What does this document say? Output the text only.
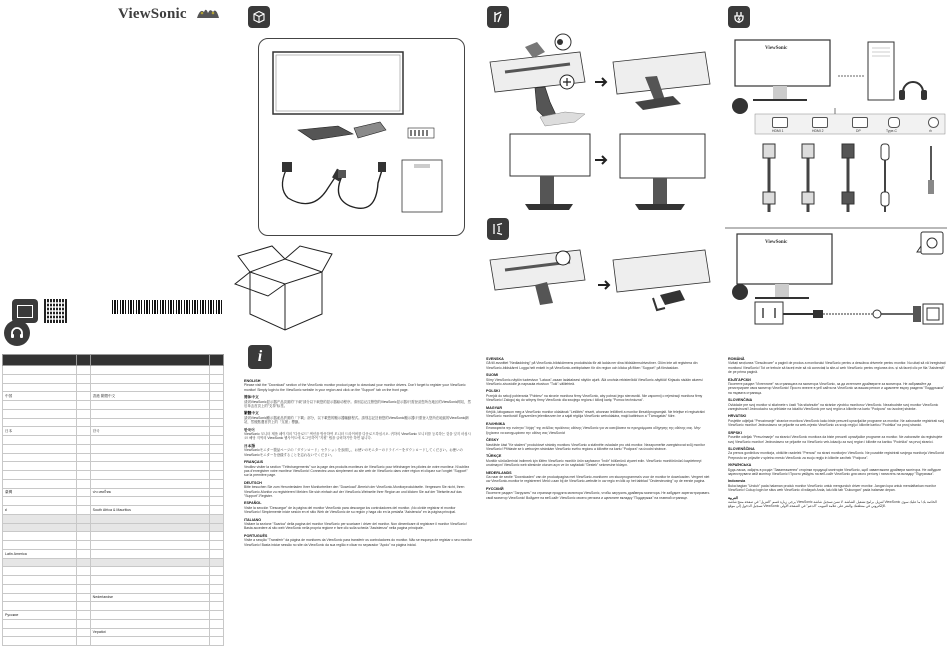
ViewSonic

中国		香港 繁體中文	

日本		한국	

臺灣		ประเทศไทย	

ɪl		South Africa & Mauritius	

Latin America			

		Nederlandse	

Pусские			

		Vepatiot	

i
ViewSonic
HDMI 1	HDMI 2	DP	Type-C	⊖
ViewSonic
ENGLISH

Please visit the "Download" section of the ViewSonic monitor product page to download your monitor drivers. Don't forget to register your ViewSonic monitor! Simply login to the ViewSonic website in your region and click on the "Support" tab on the front page.

简体中文

请到ViewSonic显示器产品页面的"下载"部分以下载您的显示器驱动程序。请别忘记注册您的ViewSonic显示器!只需登录您所在地区的ViewSonic网站，然后单击首页上的"支持"标签。

繁體中文

請到ViewSonic顯示器產品頁面的「下載」部分，以下載您的顯示器驅動程式。請別忘記註冊您的ViewSonic顯示器!只需登入您所在地區的ViewSonic網站，然後點選首頁上的「支援」標籤。

한국어

ViewSonic 모니터 제품 페이지의 "다운로드" 섹션을 방문하여 모니터 드라이버를 다운로드하십시오. 귀하의 ViewSonic 모니터를 등록하는 것을 잊지 마십시오! 해당 지역의 ViewSonic 웹사이트에 로그인하여 "지원" 탭을 클릭하기만 하면 됩니다.

日本語

ViewSonicモニター製品ページの「ダウンロード」セクションを参照し、お使いのモニターのドライバーをダウンロードしてください。お使いのViewSonicモニターを登録することを忘れないでください。

FRANÇAIS

Veuillez visiter la section "Téléchargements" sur la page des produits moniteurs de ViewSonic pour télécharger les pilotes de votre moniteur. N'oubliez pas d'enregistrer votre moniteur ViewSonic! Connectez-vous simplement au site web de ViewSonic dans votre région et cliquez sur l'onglet "Support" sur la première page.

DEUTSCH

Bitte besuchen Sie zum Herunterladen Ihrer Monitortreiber den "Download"-Bereich der ViewSonic-Monitorproduktseite. Vergessen Sie nicht, Ihren ViewSonic-Monitor zu registrieren! Melden Sie sich einfach auf der ViewSonic-Webseite Ihrer Region an und klicken Sie auf der Titelseite auf das "Support"-Register.

ESPAÑOL

Visite la sección "Descargar" de la página del monitor ViewSonic para descargar los controladores del monitor. ¡No olvide registrar el monitor ViewSonic! Simplemente inicie sesión en el sitio Web de ViewSonic de su región y haga clic en la pestaña "Asistencia" en la página principal.

ITALIANO

Visitare la sezione "Scarica" della pagina del monitor ViewSonic per scaricare i driver del monitor. Non dimenticare di registrare il monitor ViewSonic! Basta accedere al sito web ViewSonic nella propria regione e fare clic sulla scheda "Assistenza" nella pagina principale.

PORTUGUÊS

Visite a secção "Transferir" da página de monitores da ViewSonic para transferir os controladores do monitor. Não se esqueça de registar o seu monitor ViewSonic! Basta iniciar sessão no site da ViewSonic da sua região e clicar no separador "Apoio" na página inicial.

SVENSKA

Gå till avsnittet "Nedladdning" på ViewSonic-bildskärmens produktsida för att ladda ner dina bildskärmsdrivrutiner. Glöm inte att registrera din ViewSonic-bildskärm! Logga helt enkelt in på ViewSonic-webbplatsen för din region och klicka på fliken "Support" på förstasidan.

SUOMI

Siirry ViewSonic-näytön tuotesivun "Lataus"-osaan ladataksesi näytön ajurit. Älä unohda rekisteröidä ViewSonic-näyttöä! Kirjaudu sisään alueesi ViewSonic-sivustolle ja napsauta etusivun "Tuki"-välilehteä.

POLSKI

Przejdź do sekcji pobierania "Pobierz" na stronie monitora firmy ViewSonic, aby pobrać jego sterowniki. Nie zapomnij o rejestracji monitora firmy ViewSonic! Zaloguj się do witryny firmy ViewSonic dla swojego regionu i kliknij kartę "Pomoc techniczna".

MAGYAR

Kérjük, látogasson meg a ViewSonic monitor oldalának "Letöltés" részét, ahonnan letöltheti a monitor illesztőprogramjait. Ne felejtse el regisztrálni ViewSonic monitorát! Egyszerűen jelentkezzen be a saját régiója ViewSonic weboldalára, majd kattintson a "Támogatás" fülre.

ΕΛΛΗΝΙΚΑ

Επισκεφτείτε την ενότητα "Λήψη" της σελίδας προϊόντος οθόνης ViewSonic για να κατεβάσετε τα προγράμματα οδήγησης της οθόνης σας. Μην ξεχάσετε να καταχωρίσετε την οθόνη σας ViewSonic!

ČESKY

Navštivte část "Ke stažení" produktové stránky monitoru ViewSonic a stáhněte ovladače pro váš monitor. Nezapomeňte zaregistrovat svůj monitor ViewSonic! Přihlaste se k webovým stránkám ViewSonic svého regionu a klikněte na kartu "Podpora" na úvodní stránce.

TÜRKÇE

Monitör sürücülerinizi indirmek için lütfen ViewSonic monitör ürün sayfasının "İndir" bölümünü ziyaret edin. ViewSonic monitörünüzü kaydetmeyi unutmayın! ViewSonic web sitesinde oturum açın ve ön sayfadaki "Destek" sekmesine tıklayın.

NEDERLANDS

Ga naar de sectie "Downloaden" van de productpagina met ViewSonic-monitoren om stuurprogramma's voor de monitor te downloaden. Vergeet niet uw ViewSonic-monitor te registreren! Meld u aan bij de ViewSonic-website in uw regio en klik op het tabblad "Ondersteuning" op de eerste pagina.

РУССКИЙ

Посетите раздел "Загрузить" на странице продукта монитора ViewSonic, чтобы загрузить драйверы монитора. Не забудьте зарегистрировать свой монитор ViewSonic! Войдите на веб-сайт ViewSonic своего региона и щелкните вкладку "Поддержка" на главной странице.

ROMÂNĂ

Vizitați secțiunea "Descărcare" a paginii de produs a monitorului ViewSonic pentru a descărca driverele pentru monitor. Nu uitați să vă înregistrați monitorul ViewSonic! Tot ce trebuie să faceți este să vă conectați la site-ul web ViewSonic pentru regiunea dvs. și să faceți clic pe fila "Asistență" de pe prima pagină.

БЪЛГАРСКИ

Посетете раздел "Изтегляне" на страницата на монитора ViewSonic, за да изтеглите драйверите за монитора. Не забравяйте да регистрирате своя монитор ViewSonic! Просто влезте в уеб сайта на ViewSonic за вашия регион и щракнете върху раздела "Поддръжка" на първата страница.

SLOVENČINA

Ovládače pre svoj monitor si stiahnete v časti "Na stiahnutie" na stránke výrobku monitorov ViewSonic. Nezabudnite svoj monitor ViewSonic zaregistrovať! Jednoducho sa prihláste na lokalitu ViewSonic pre svoj región a kliknite na kartu "Podpora" na úvodnej stránke.

HRVATSKI

Posjetite odjeljak "Preuzimanje" stranice monitora ViewSonic kako biste preuzeli upravljačke programe za monitor. Ne zaboravite registrirati svoj ViewSonic monitor! Jednostavno se prijavite na web-mjesto ViewSonic za svoju regiju i kliknite karticu "Podrška" na prvoj stranici.

SRPSKI

Posetite odeljak "Preuzimanje" na stranici ViewSonic monitora da biste preuzeli upravljačke programe za monitor. Ne zaboravite da registrujete svoj ViewSonic monitor! Jednostavno se prijavite na ViewSonic veb-lokaciju za svoj region i kliknite na karticu "Podrška" na prvoj stranici.

SLOVENŠČINA

Za prenos gonilnikov monitorja, obiščite razdelek "Prenosi" na strani monitorjev ViewSonic. Ne pozabite registrirati svojega monitorja ViewSonic! Preprosto se prijavite v spletno mesto ViewSonic za svojo regijo in kliknite zavihek "Podpora".

УКРАЇНСЬКА

Будь ласка, зайдіть в розділ "Завантаження" сторінки продукції моніторів ViewSonic, щоб завантажити драйвери монітора. Не забудьте зареєструвати свій монітор ViewSonic! Просто увійдіть на веб-сайт ViewSonic для свого регіону і натисніть на вкладку "Підтримка".

Indonesia

Buka bagian "Unduh" pada halaman produk monitor ViewSonic untuk mengunduh driver monitor. Jangan lupa untuk mendaftarkan monitor ViewSonic! Cukup login ke situs web ViewSonic di wilayah Anda, lalu klik tab "Dukungan" pada halaman depan.

العربية

يرجى زيارة قسم "التنزيل" في صفحة منتج شاشة ViewSonic لتنزيل برامج تشغيل الشاشة. لا تنسَ تسجيل شاشة ViewSonic الخاصة بك! ما عليك سوى تسجيل الدخول إلى موقع ViewSonic الإلكتروني في منطقتك والنقر على علامة التبويب "الدعم" في الصفحة الأولى.
